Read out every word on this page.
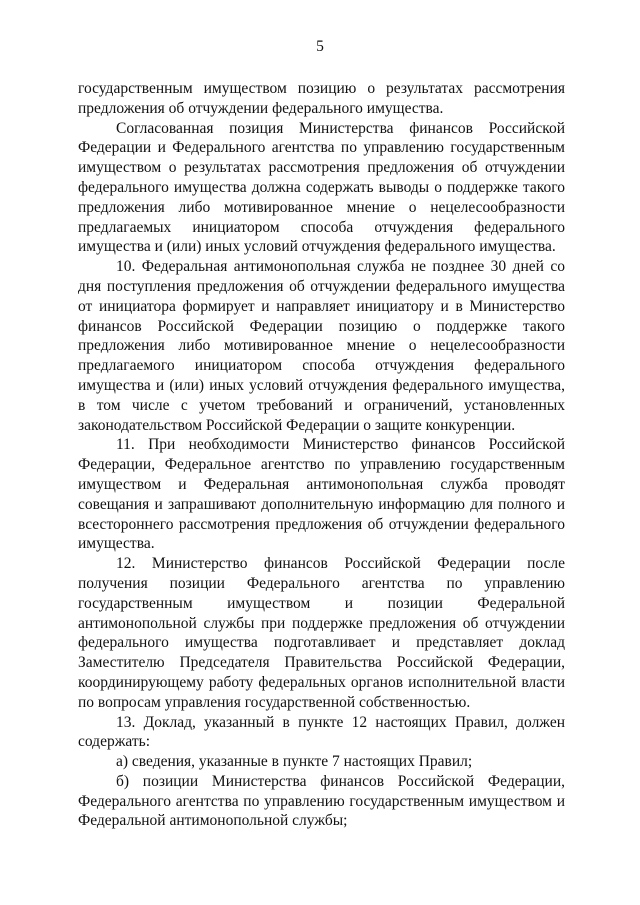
5

государственным имуществом позицию о результатах рассмотрения предложения об отчуждении федерального имущества.

Согласованная позиция Министерства финансов Российской Федерации и Федерального агентства по управлению государственным имуществом о результатах рассмотрения предложения об отчуждении федерального имущества должна содержать выводы о поддержке такого предложения либо мотивированное мнение о нецелесообразности предлагаемых инициатором способа отчуждения федерального имущества и (или) иных условий отчуждения федерального имущества.

10. Федеральная антимонопольная служба не позднее 30 дней со дня поступления предложения об отчуждении федерального имущества от инициатора формирует и направляет инициатору и в Министерство финансов Российской Федерации позицию о поддержке такого предложения либо мотивированное мнение о нецелесообразности предлагаемого инициатором способа отчуждения федерального имущества и (или) иных условий отчуждения федерального имущества, в том числе с учетом требований и ограничений, установленных законодательством Российской Федерации о защите конкуренции.

11. При необходимости Министерство финансов Российской Федерации, Федеральное агентство по управлению государственным имуществом и Федеральная антимонопольная служба проводят совещания и запрашивают дополнительную информацию для полного и всестороннего рассмотрения предложения об отчуждении федерального имущества.

12. Министерство финансов Российской Федерации после получения позиции Федерального агентства по управлению государственным имуществом и позиции Федеральной антимонопольной службы при поддержке предложения об отчуждении федерального имущества подготавливает и представляет доклад Заместителю Председателя Правительства Российской Федерации, координирующему работу федеральных органов исполнительной власти по вопросам управления государственной собственностью.

13. Доклад, указанный в пункте 12 настоящих Правил, должен содержать:

а) сведения, указанные в пункте 7 настоящих Правил;

б) позиции Министерства финансов Российской Федерации, Федерального агентства по управлению государственным имуществом и Федеральной антимонопольной службы;
